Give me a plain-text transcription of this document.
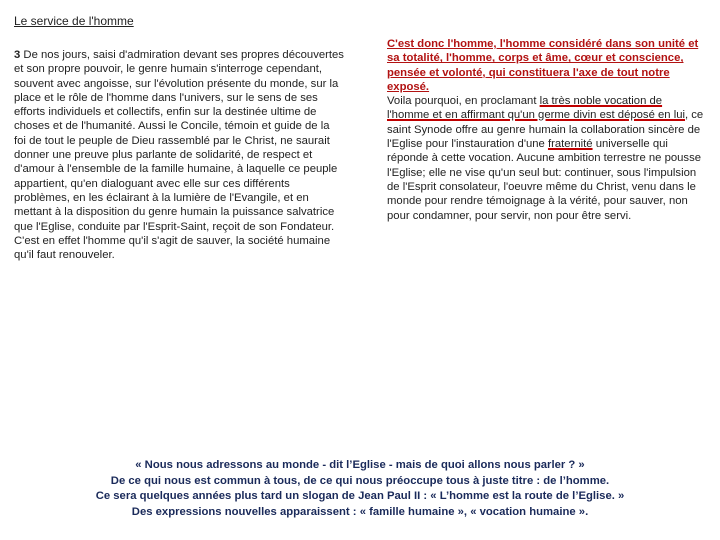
Le service de l'homme
3 De nos jours, saisi d'admiration devant ses propres découvertes et son propre pouvoir, le genre humain s'interroge cependant, souvent avec angoisse, sur l'évolution présente du monde, sur la place et le rôle de l'homme dans l'univers, sur le sens de ses efforts individuels et collectifs, enfin sur la destinée ultime de choses et de l'humanité. Aussi le Concile, témoin et guide de la foi de tout le peuple de Dieu rassemblé par le Christ, ne saurait donner une preuve plus parlante de solidarité, de respect et d'amour à l'ensemble de la famille humaine, à laquelle ce peuple appartient, qu'en dialoguant avec elle sur ces différents problèmes, en les éclairant à la lumière de l'Evangile, et en mettant à la disposition du genre humain la puissance salvatrice que l'Eglise, conduite par l'Esprit-Saint, reçoit de son Fondateur. C'est en effet l'homme qu'il s'agit de sauver, la société humaine qu'il faut renouveler.
C'est donc l'homme, l'homme considéré dans son unité et sa totalité, l'homme, corps et âme, cœur et conscience, pensée et volonté, qui constituera l'axe de tout notre exposé.
Voila pourquoi, en proclamant la très noble vocation de l'homme et en affirmant qu'un germe divin est déposé en lui, ce saint Synode offre au genre humain la collaboration sincère de l'Eglise pour l'instauration d'une fraternité universelle qui réponde à cette vocation. Aucune ambition terrestre ne pousse l'Eglise; elle ne vise qu'un seul but: continuer, sous l'impulsion de l'Esprit consolateur, l'oeuvre même du Christ, venu dans le monde pour rendre témoignage à la vérité, pour sauver, non pour condamner, pour servir, non pour être servi.
« Nous nous adressons au monde - dit l’Eglise - mais de quoi allons nous parler ? »
De ce qui nous est commun à tous, de ce qui nous préoccupe tous à juste titre : de l’homme.
Ce sera quelques années plus tard un slogan de Jean Paul II : « L’homme est la route de l’Eglise. »
Des expressions nouvelles apparaissent : « famille humaine », « vocation humaine ».
